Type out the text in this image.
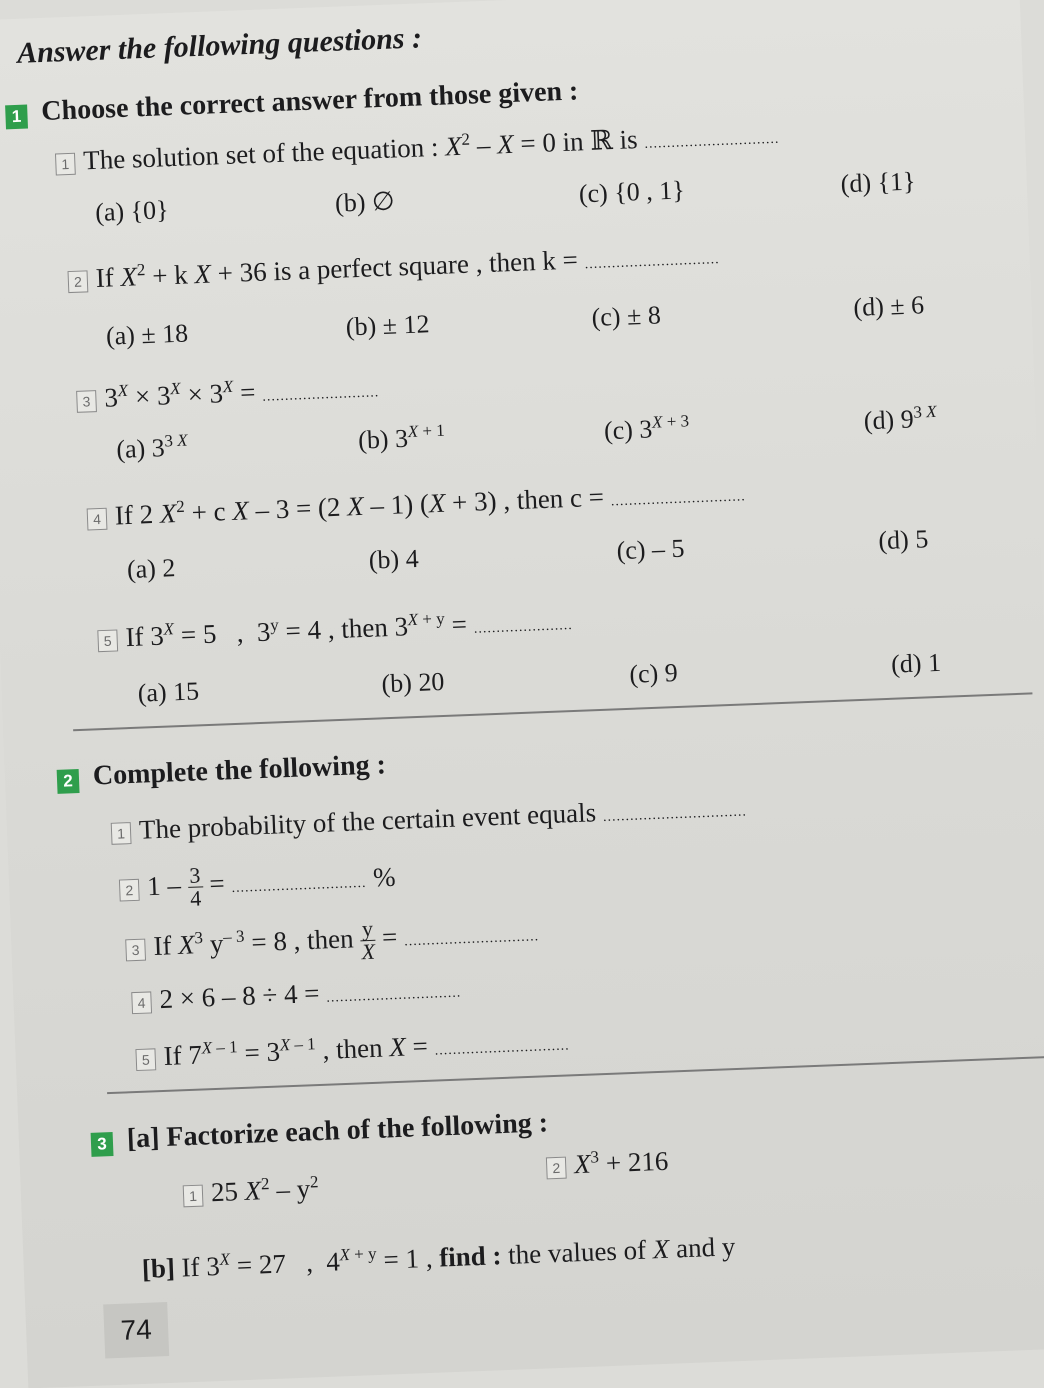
Answer the following questions :
1 Choose the correct answer from those given :
1 The solution set of the equation : $X^2 - X = 0$ in ℝ is ..............................
(a) {0}	(b) ∅	(c) {0 , 1}	(d) {1}
2 If $X^2 + k$ X + 36 is a perfect square , then k = ..............................
(a) ± 18	(b) ± 12	(c) ± 8	(d) ± 6
3 $3^X \times 3^X \times 3^X$ = ..........................
(a) $3^{3 X}$	(b) $3^{X + 1}$	(c) $3^{X + 3}$	(d) $9^{3 X}$
4 If 2 $X^2 + c$ X – 3 = (2 X – 1) (X + 3) , then c = ..............................
(a) 2	(b) 4	(c) – 5	(d) 5
5 If $3^X = 5$   ,  $3^y = 4$ , then $3^{X + y}$ = ......................
(a) 15	(b) 20	(c) 9	(d) 1
2 Complete the following :
1 The probability of the certain event equals ................................
2 1 –
$\frac{3}{4}$
= .............................. %
3 If $X^3$ $y^{- 3} = 8$ , then
$\frac{y}{X}$
= ..............................
4 2 × 6 – 8 ÷ 4 = ..............................
5 If $7^{X - 1} = 3^{X - 1}$ , then X = ..............................
3 [a] Factorize each of the following :
1 25 $X^2 - y^2$
2 $X^3 + 216$
[b] If $3^X = 27$   ,  $4^{X + y} = 1$ , find : the values of X and y
74
